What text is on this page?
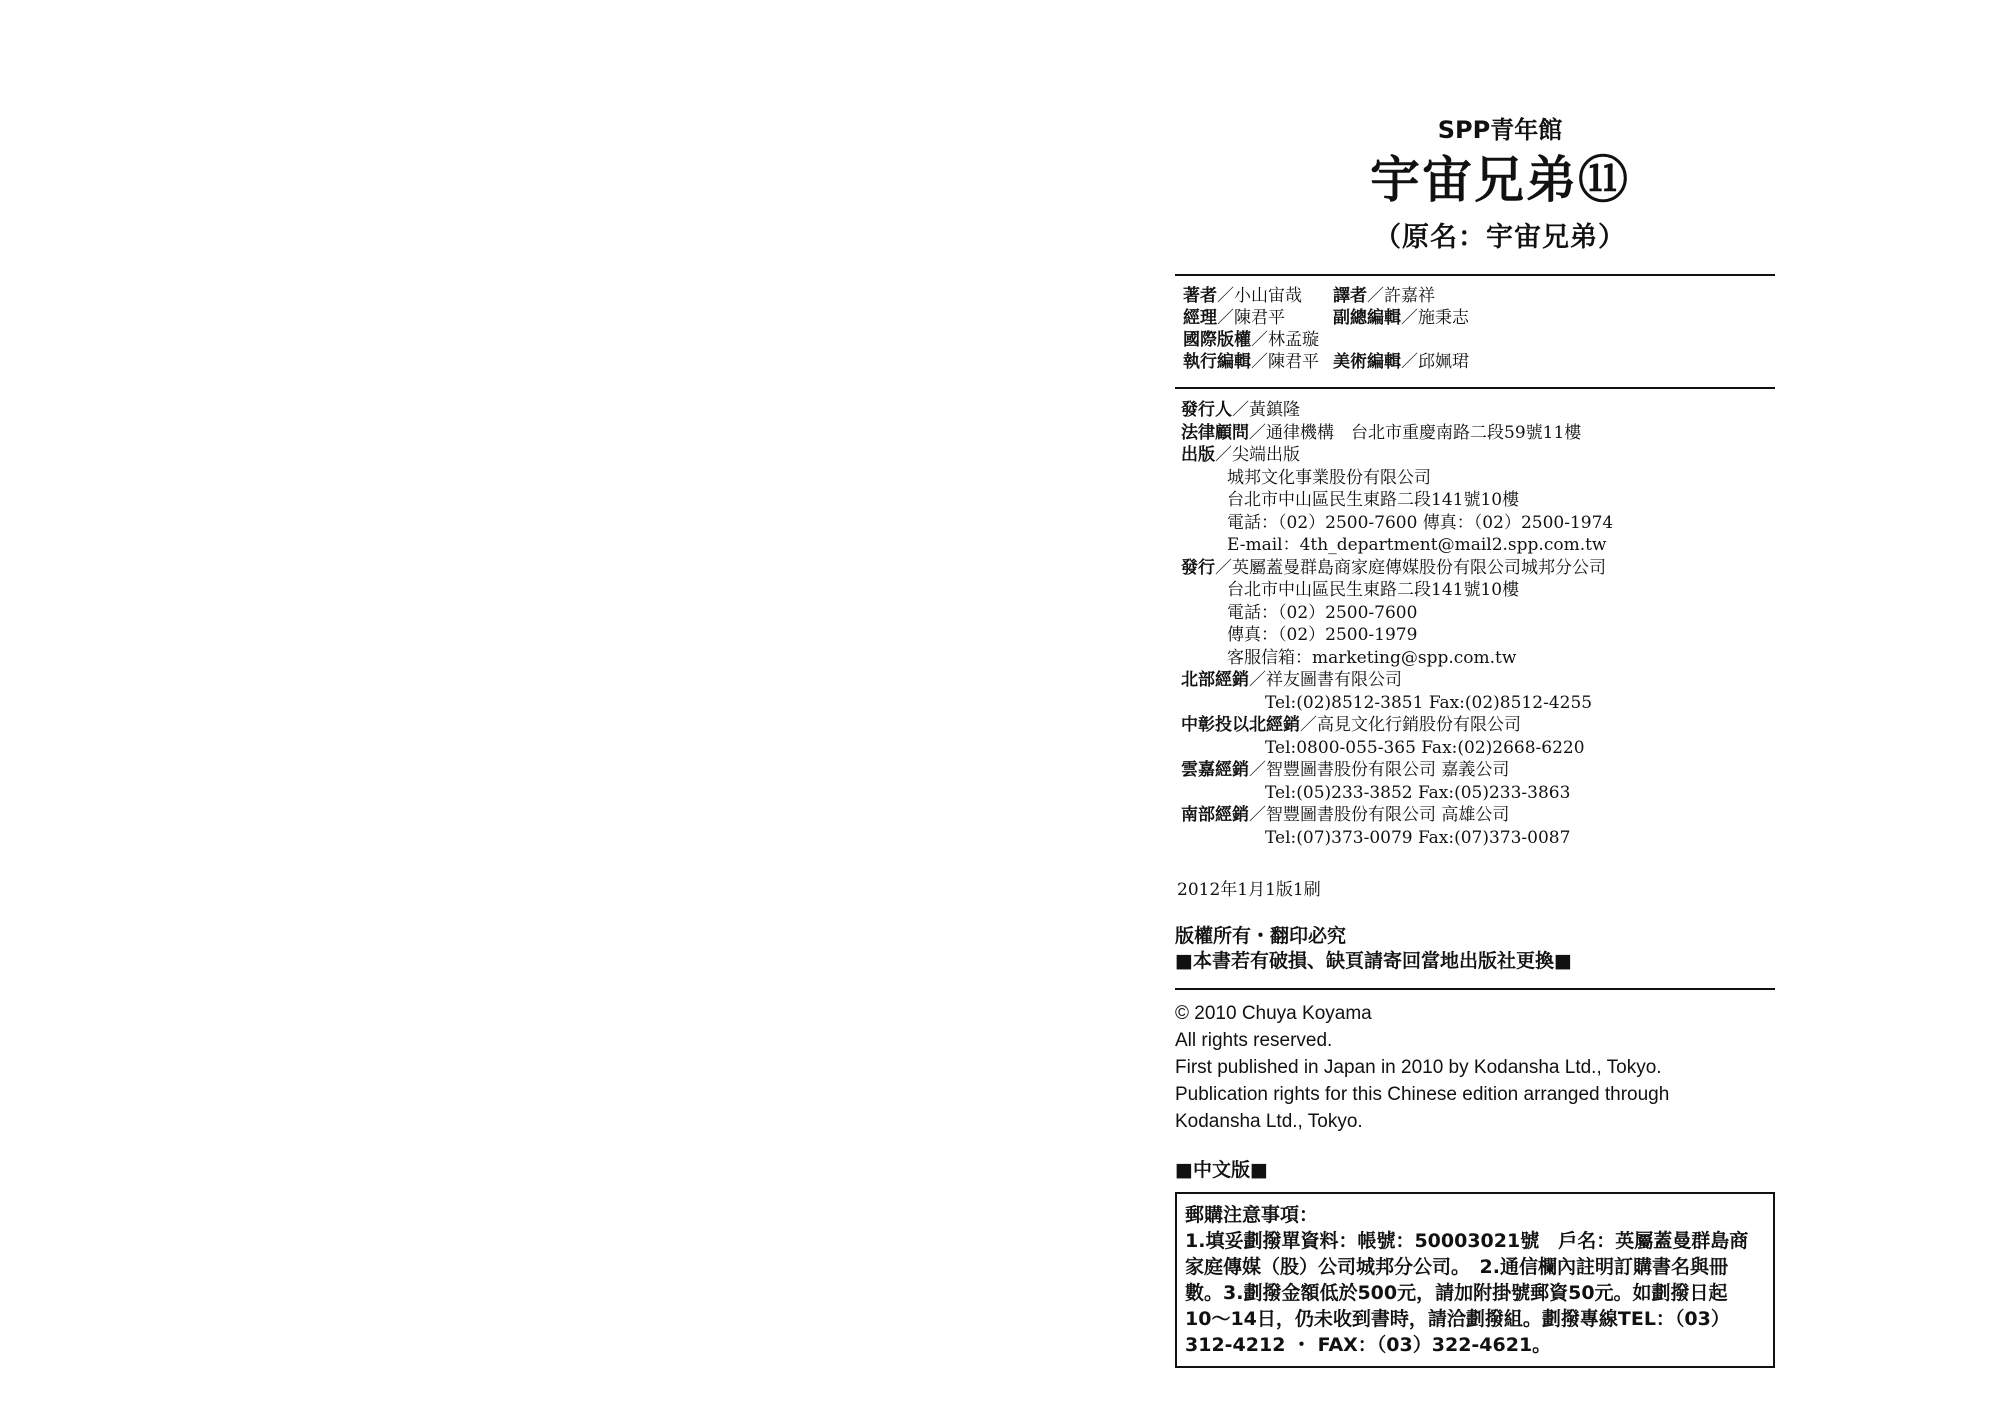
SPP青年館
宇宙兄弟⑪
（原名：宇宙兄弟）
著者／小山宙哉	譯者／許嘉祥
經理／陳君平	副總編輯／施秉志
國際版權／林孟璇
執行編輯／陳君平 美術編輯／邱姵珺
發行人／黃鎮隆
法律顧問／通律機構　台北市重慶南路二段59號11樓
出版／尖端出版
城邦文化事業股份有限公司
台北市中山區民生東路二段141號10樓
電話：（02）2500-7600 傳真：（02）2500-1974
E-mail：4th_department@mail2.spp.com.tw
發行／英屬蓋曼群島商家庭傳媒股份有限公司城邦分公司
台北市中山區民生東路二段141號10樓
電話：（02）2500-7600
傳真：（02）2500-1979
客服信箱：marketing@spp.com.tw
北部經銷／祥友圖書有限公司
Tel:(02)8512-3851 Fax:(02)8512-4255
中彰投以北經銷／高見文化行銷股份有限公司
Tel:0800-055-365 Fax:(02)2668-6220
雲嘉經銷／智豐圖書股份有限公司 嘉義公司
Tel:(05)233-3852 Fax:(05)233-3863
南部經銷／智豐圖書股份有限公司 高雄公司
Tel:(07)373-0079 Fax:(07)373-0087
2012年1月1版1刷
版權所有・翻印必究
■本書若有破損、缺頁請寄回當地出版社更換■
© 2010 Chuya Koyama
All rights reserved.
First published in Japan in 2010 by Kodansha Ltd., Tokyo.
Publication rights for this Chinese edition arranged through
Kodansha Ltd., Tokyo.
■中文版■

郵購注意事項：

1.填妥劃撥單資料：帳號：50003021號　戶名：英屬蓋曼群島商

家庭傳媒（股）公司城邦分公司。　2.通信欄內註明訂購書名與冊

數。3.劃撥金額低於500元，請加附掛號郵資50元。如劃撥日起

10～14日，仍未收到書時，請洽劃撥組。劃撥專線TEL：（03）

312-4212 ・ FAX：（03）322-4621。
